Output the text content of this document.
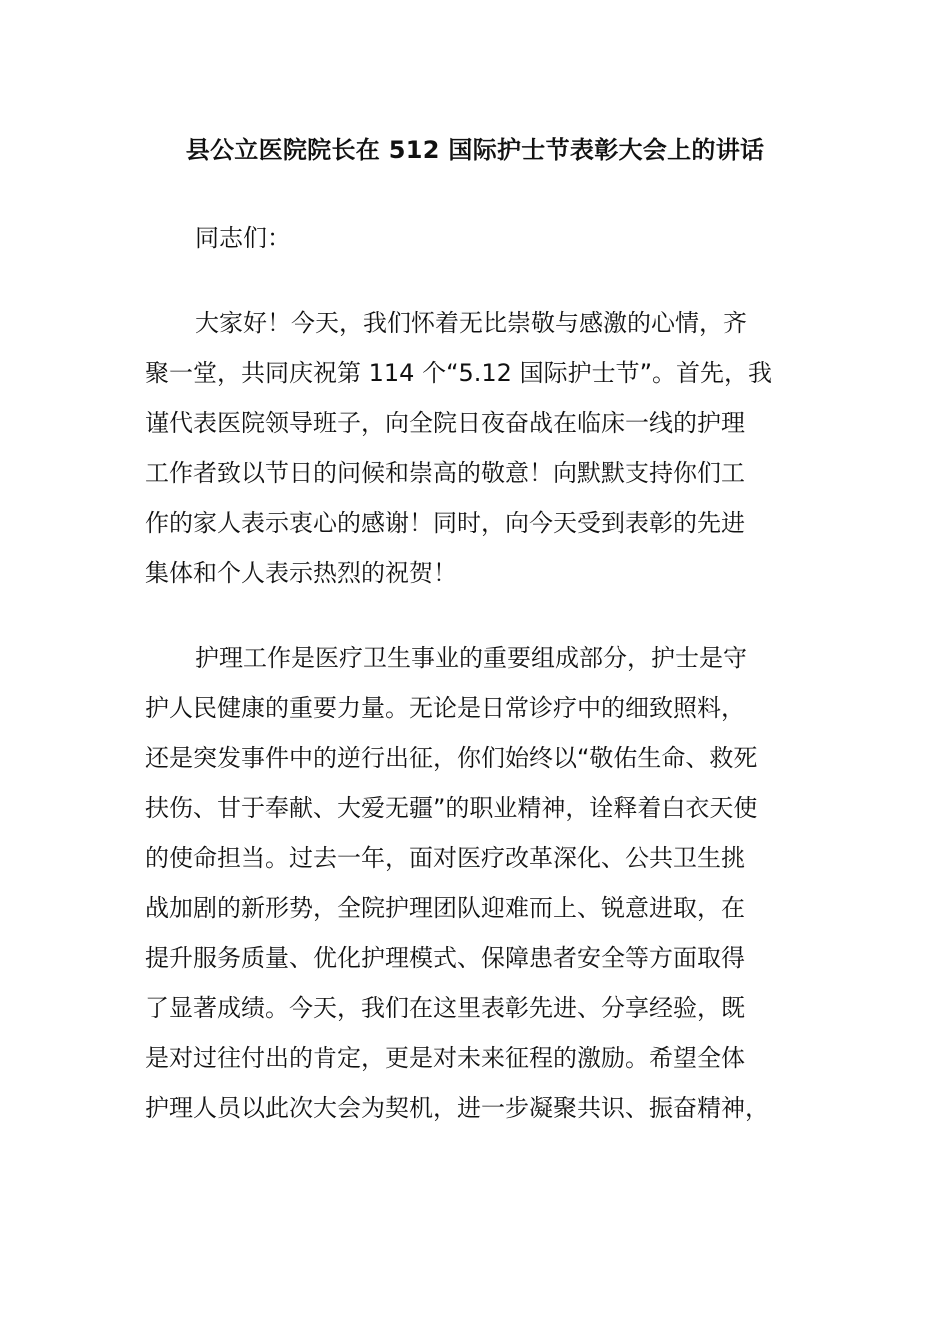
县公立医院院长在 512 国际护士节表彰大会上的讲话
同志们：
大家好！今天，我们怀着无比崇敬与感激的心情，齐
聚一堂，共同庆祝第 114 个“5.12 国际护士节”。首先，我
谨代表医院领导班子，向全院日夜奋战在临床一线的护理
工作者致以节日的问候和崇高的敬意！向默默支持你们工
作的家人表示衷心的感谢！同时，向今天受到表彰的先进
集体和个人表示热烈的祝贺！
护理工作是医疗卫生事业的重要组成部分，护士是守
护人民健康的重要力量。无论是日常诊疗中的细致照料，
还是突发事件中的逆行出征，你们始终以“敬佑生命、救死
扶伤、甘于奉献、大爱无疆”的职业精神，诠释着白衣天使
的使命担当。过去一年，面对医疗改革深化、公共卫生挑
战加剧的新形势，全院护理团队迎难而上、锐意进取，在
提升服务质量、优化护理模式、保障患者安全等方面取得
了显著成绩。今天，我们在这里表彰先进、分享经验，既
是对过往付出的肯定，更是对未来征程的激励。希望全体
护理人员以此次大会为契机，进一步凝聚共识、振奋精神，
